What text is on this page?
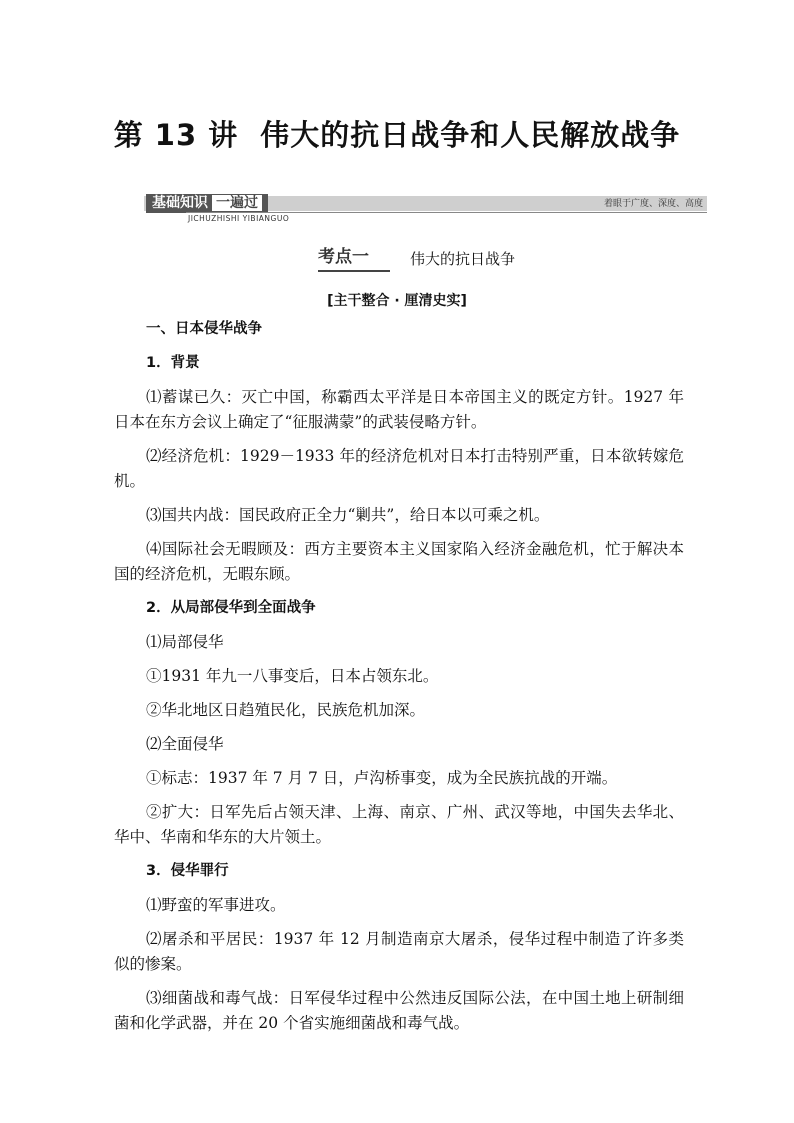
第 13 讲 伟大的抗日战争和人民解放战争
基础知识 一遍过	着眼于广度、深度、高度
JICHUZHISHI YIBIANGUO
考点一	伟大的抗日战争
[主干整合 · 厘清史实]

一、日本侵华战争

1．背景

⑴蓄谋已久：灭亡中国，称霸西太平洋是日本帝国主义的既定方针。1927 年日本在东方会议上确定了“征服满蒙”的武装侵略方针。

⑵经济危机：1929－1933 年的经济危机对日本打击特别严重，日本欲转嫁危机。

⑶国共内战：国民政府正全力“剿共”，给日本以可乘之机。

⑷国际社会无暇顾及：西方主要资本主义国家陷入经济金融危机，忙于解决本国的经济危机，无暇东顾。

2．从局部侵华到全面战争

⑴局部侵华

①1931 年九一八事变后，日本占领东北。

②华北地区日趋殖民化，民族危机加深。

⑵全面侵华

①标志：1937 年 7 月 7 日，卢沟桥事变，成为全民族抗战的开端。

②扩大：日军先后占领天津、上海、南京、广州、武汉等地，中国失去华北、华中、华南和华东的大片领土。

3．侵华罪行

⑴野蛮的军事进攻。

⑵屠杀和平居民：1937 年 12 月制造南京大屠杀，侵华过程中制造了许多类似的惨案。

⑶细菌战和毒气战：日军侵华过程中公然违反国际公法，在中国土地上研制细菌和化学武器，并在 20 个省实施细菌战和毒气战。
